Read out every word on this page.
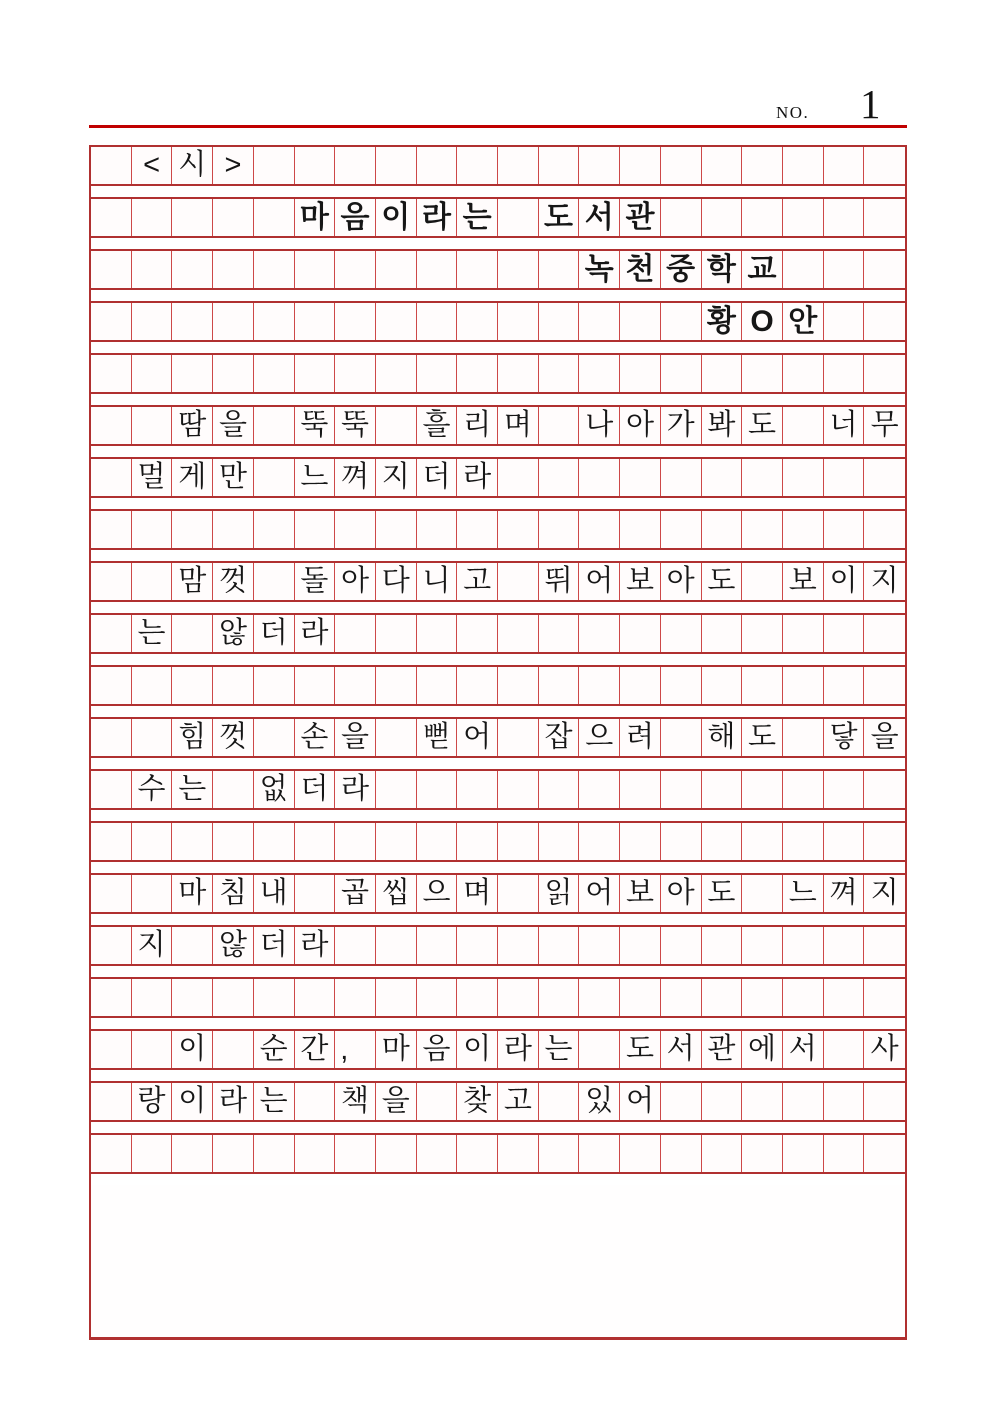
NO. 1
< 시 >
마 음 이 라 는 도 서 관
녹 천 중 학 교
황 O 안
땀 을 뚝 뚝 흘 리 며 나 아 가 봐 도 너 무
멀 게 만 느 껴 지 더 라
맘 껏 돌 아 다 니 고 뛰 어 보 아 도 보 이 지
는 않 더 라
힘 껏 손 을 뻗 어 잡 으 려 해 도 닿 을
수 는 없 더 라
마 침 내 곱 씹 으 며 읽 어 보 아 도 느 껴 지
지 않 더 라
이 순 간 ,	마 음 이 라 는 도 서 관 에 서 사
랑 이 라 는 책 을 찾 고 있 어
